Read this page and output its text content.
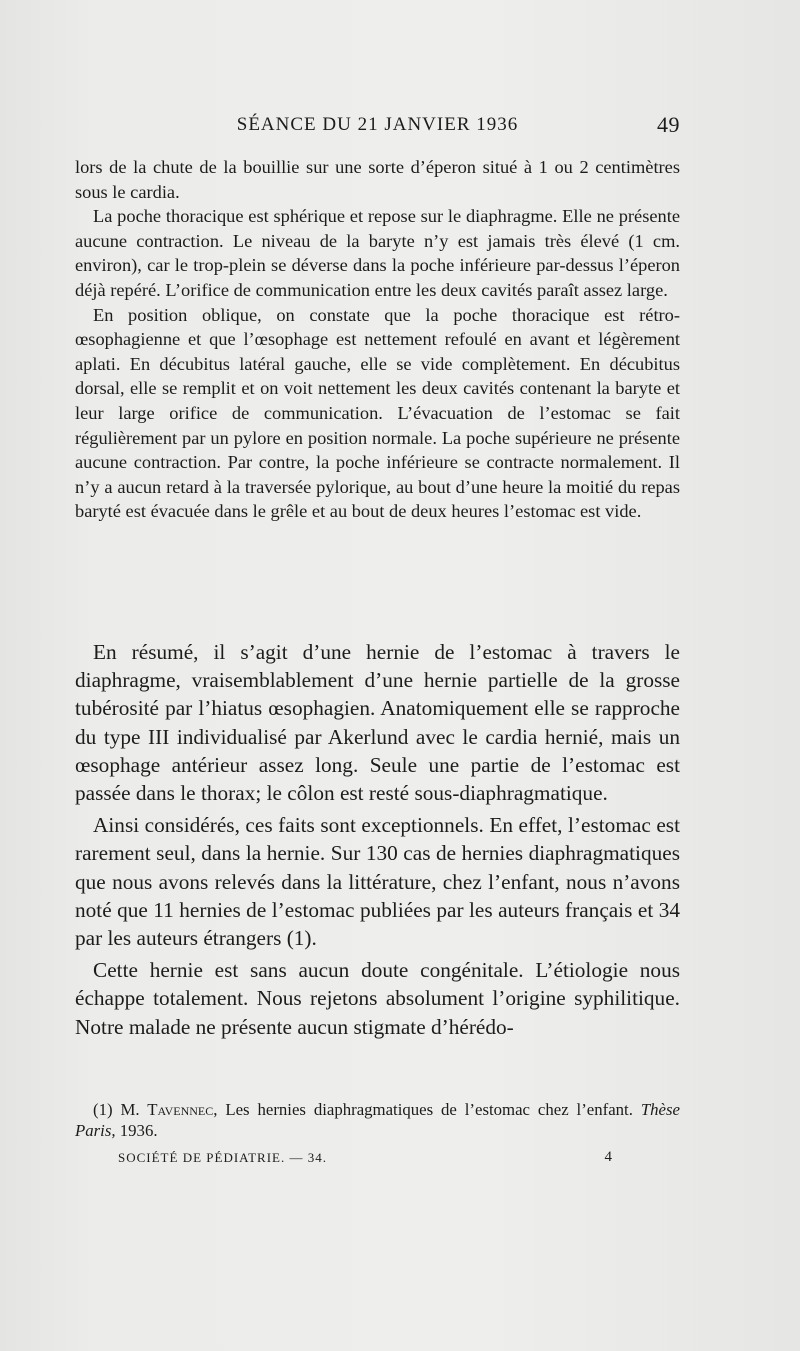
SÉANCE DU 21 JANVIER 1936	49

lors de la chute de la bouillie sur une sorte d’éperon situé à 1 ou 2 centimètres sous le cardia.

La poche thoracique est sphérique et repose sur le diaphragme. Elle ne présente aucune contraction. Le niveau de la baryte n’y est jamais très élevé (1 cm. environ), car le trop-plein se déverse dans la poche inférieure par-dessus l’éperon déjà repéré. L’orifice de communication entre les deux cavités paraît assez large.

En position oblique, on constate que la poche thoracique est rétro-œsophagienne et que l’œsophage est nettement refoulé en avant et légèrement aplati. En décubitus latéral gauche, elle se vide complètement. En décubitus dorsal, elle se remplit et on voit nettement les deux cavités contenant la baryte et leur large orifice de communication. L’évacuation de l’estomac se fait régulièrement par un pylore en position normale. La poche supérieure ne présente aucune contraction. Par contre, la poche inférieure se contracte normalement. Il n’y a aucun retard à la traversée pylorique, au bout d’une heure la moitié du repas baryté est évacuée dans le grêle et au bout de deux heures l’estomac est vide.

En résumé, il s’agit d’une hernie de l’estomac à travers le diaphragme, vraisemblablement d’une hernie partielle de la grosse tubérosité par l’hiatus œsophagien. Anatomiquement elle se rapproche du type III individualisé par Akerlund avec le cardia hernié, mais un œsophage antérieur assez long. Seule une partie de l’estomac est passée dans le thorax; le côlon est resté sous-diaphragmatique.

Ainsi considérés, ces faits sont exceptionnels. En effet, l’estomac est rarement seul, dans la hernie. Sur 130 cas de hernies diaphragmatiques que nous avons relevés dans la littérature, chez l’enfant, nous n’avons noté que 11 hernies de l’estomac publiées par les auteurs français et 34 par les auteurs étrangers (1).

Cette hernie est sans aucun doute congénitale. L’étiologie nous échappe totalement. Nous rejetons absolument l’origine syphilitique. Notre malade ne présente aucun stigmate d’hérédo-

(1) M. Tavennec, Les hernies diaphragmatiques de l’estomac chez l’enfant. Thèse Paris, 1936.

SOCIÉTÉ DE PÉDIATRIE. — 34.	4
